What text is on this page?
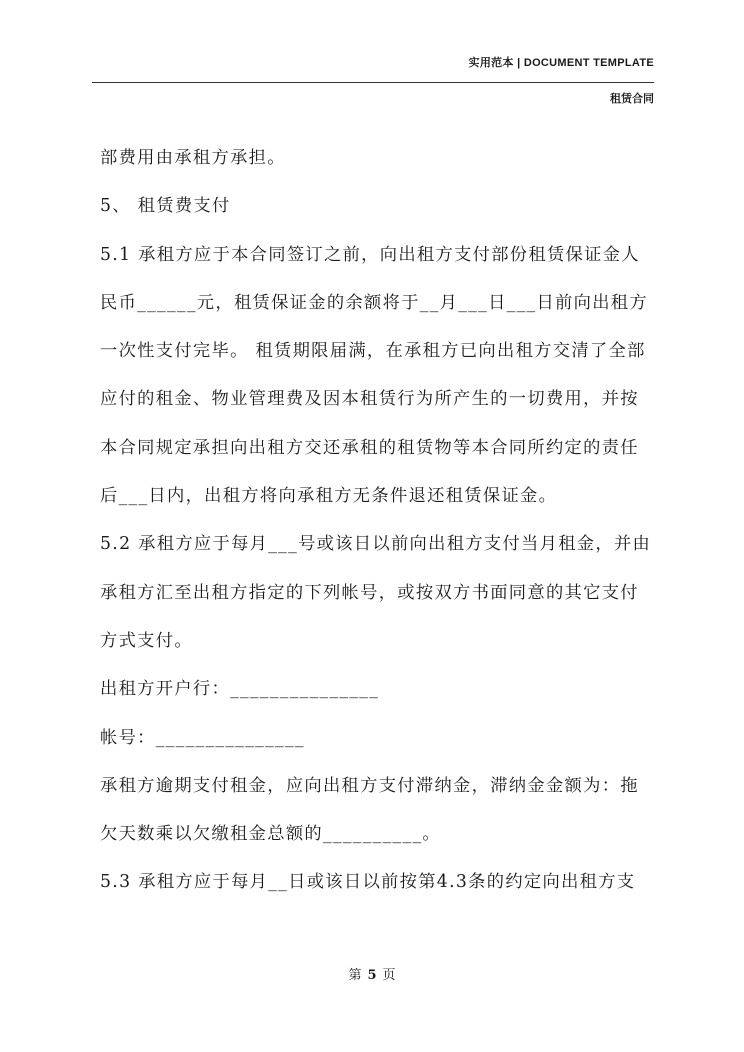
实用范本 | DOCUMENT TEMPLATE
租赁合同
部费用由承租方承担。
5、 租赁费支付
5.1 承租方应于本合同签订之前，向出租方支付部份租赁保证金人
民币______元，租赁保证金的余额将于__月___日___日前向出租方
一次性支付完毕。 租赁期限届满，在承租方已向出租方交清了全部
应付的租金、物业管理费及因本租赁行为所产生的一切费用，并按
本合同规定承担向出租方交还承租的租赁物等本合同所约定的责任
后___日内，出租方将向承租方无条件退还租赁保证金。
5.2 承租方应于每月___号或该日以前向出租方支付当月租金，并由
承租方汇至出租方指定的下列帐号，或按双方书面同意的其它支付
方式支付。
出租方开户行：_______________
帐号：_______________
承租方逾期支付租金，应向出租方支付滞纳金，滞纳金金额为：拖
欠天数乘以欠缴租金总额的__________。
5.3 承租方应于每月__日或该日以前按第4.3条的约定向出租方支
第 5 页
